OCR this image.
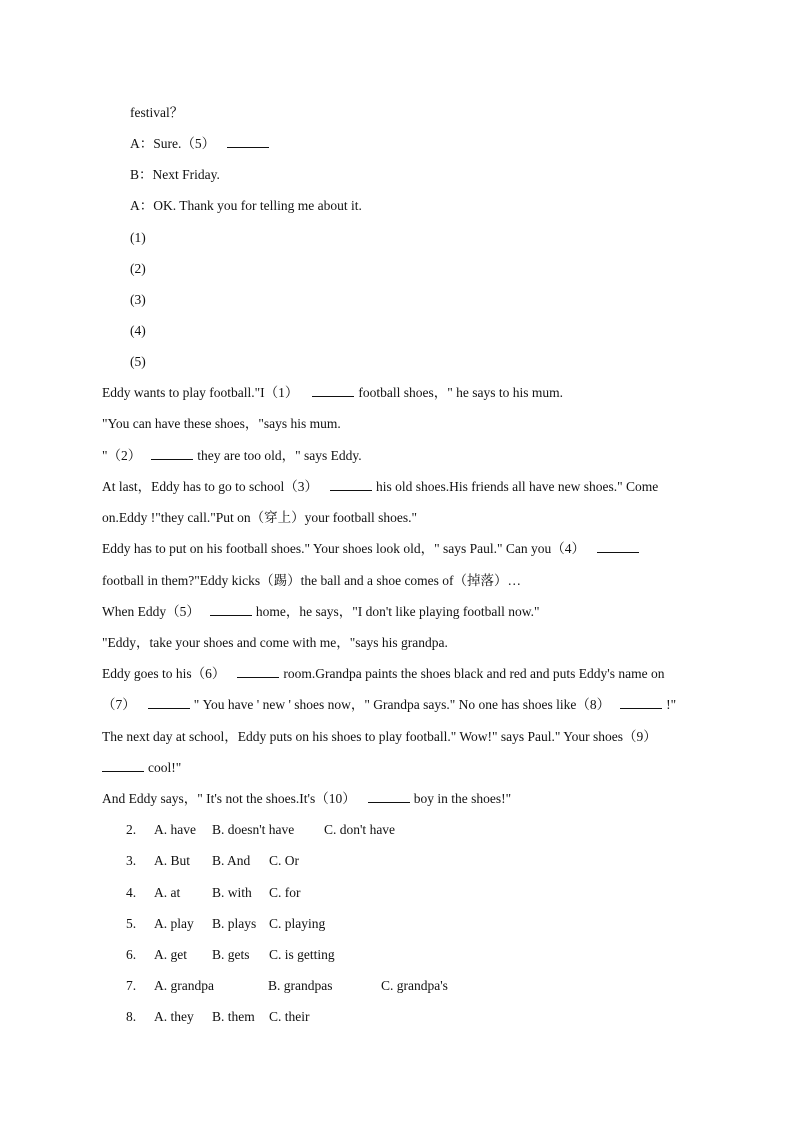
festival？
A：Sure.（5）
B：Next Friday.
A：OK. Thank you for telling me about it.
(1)
(2)
(3)
(4)
(5)
Eddy wants to play football."I（1）	football shoes，" he says to his mum.
"You can have these shoes，"says his mum.
"（2）	they are too old，" says Eddy.
At last，Eddy has to go to school（3）	his old shoes.His friends all have new shoes." Come
on.Eddy !"they call."Put on（穿上）your football shoes."
Eddy has to put on his football shoes." Your shoes look old，" says Paul." Can you（4）
football in them?"Eddy kicks（踢）the ball and a shoe comes of（掉落）…
When Eddy（5）	home，he says，"I don't like playing football now."
"Eddy，take your shoes and come with me，"says his grandpa.
Eddy goes to his（6）	room.Grandpa paints the shoes black and red and puts Eddy's name on
（7）	" You have ' new ' shoes now，" Grandpa says." No one has shoes like（8）	!"
The next day at school，Eddy puts on his shoes to play football." Wow!" says Paul." Your shoes（9）
cool!"
And Eddy says，" It's not the shoes.It's（10）	boy in the shoes!"
2. A. have B. doesn't have C. don't have
3. A. But B. And C. Or
4. A. at B. with C. for
5. A. play B. plays C. playing
6. A. get B. gets C. is getting
7. A. grandpa	B. grandpas	C. grandpa's
8. A. they B. them C. their
